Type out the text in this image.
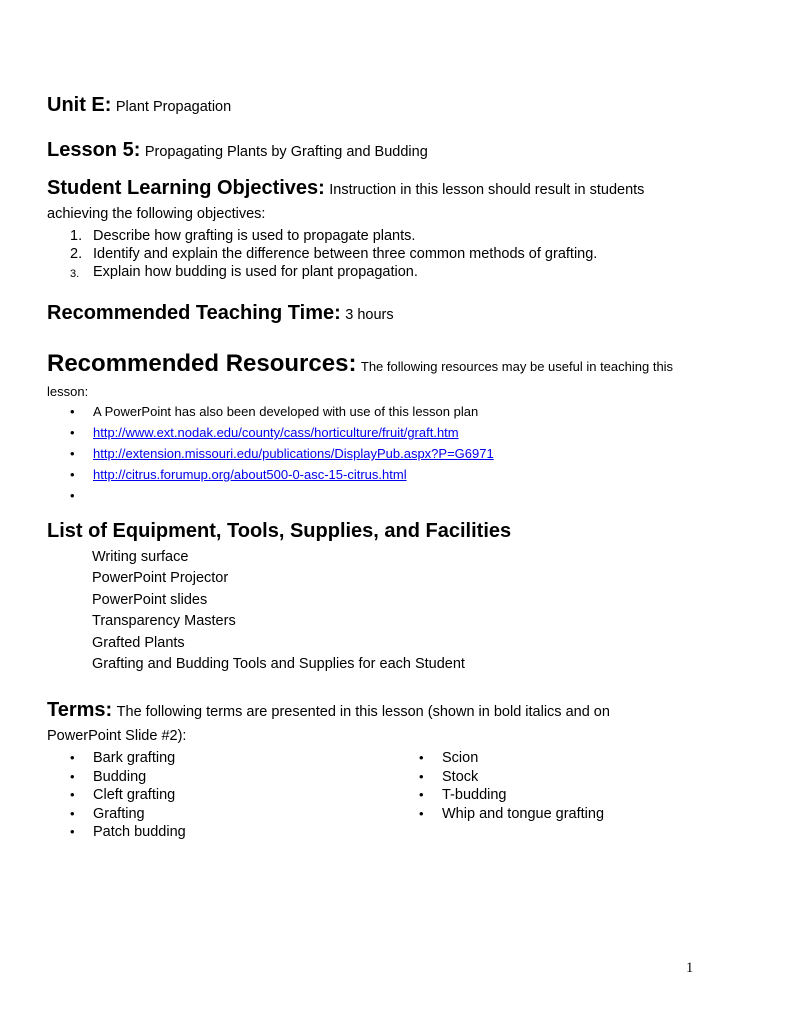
Unit E: Plant Propagation
Lesson 5: Propagating Plants by Grafting and Budding
Student Learning Objectives: Instruction in this lesson should result in students
achieving the following objectives:
1. Describe how grafting is used to propagate plants.
2. Identify and explain the difference between three common methods of grafting.
3. Explain how budding is used for plant propagation.
Recommended Teaching Time: 3 hours
Recommended Resources: The following resources may be useful in teaching this
lesson:
• A PowerPoint has also been developed with use of this lesson plan
• http://www.ext.nodak.edu/county/cass/horticulture/fruit/graft.htm
• http://extension.missouri.edu/publications/DisplayPub.aspx?P=G6971
• http://citrus.forumup.org/about500-0-asc-15-citrus.html
•
List of Equipment, Tools, Supplies, and Facilities
Writing surface
PowerPoint Projector
PowerPoint slides
Transparency Masters
Grafted Plants
Grafting and Budding Tools and Supplies for each Student
Terms: The following terms are presented in this lesson (shown in bold italics and on
PowerPoint Slide #2):
• Bark grafting
• Budding
• Cleft grafting
• Grafting
• Patch budding
• Scion
• Stock
• T-budding
• Whip and tongue grafting
1
